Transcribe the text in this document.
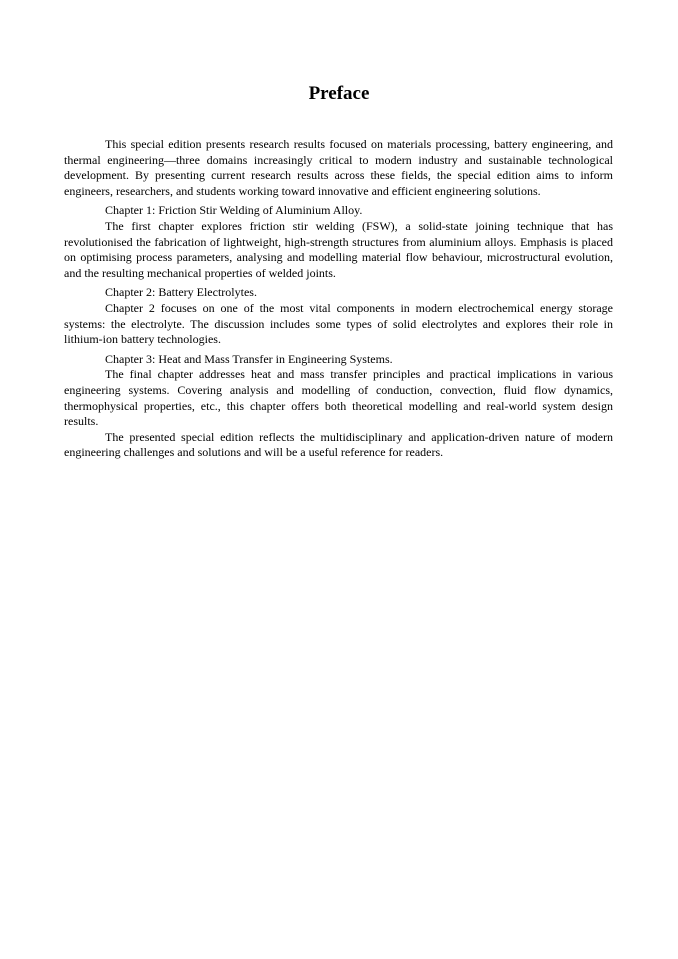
Preface

This special edition presents research results focused on materials processing, battery engineering, and thermal engineering—three domains increasingly critical to modern industry and sustainable technological development. By presenting current research results across these fields, the special edition aims to inform engineers, researchers, and students working toward innovative and efficient engineering solutions.

Chapter 1: Friction Stir Welding of Aluminium Alloy.

The first chapter explores friction stir welding (FSW), a solid-state joining technique that has revolutionised the fabrication of lightweight, high-strength structures from aluminium alloys. Emphasis is placed on optimising process parameters, analysing and modelling material flow behaviour, microstructural evolution, and the resulting mechanical properties of welded joints.

Chapter 2: Battery Electrolytes.

Chapter 2 focuses on one of the most vital components in modern electrochemical energy storage systems: the electrolyte. The discussion includes some types of solid electrolytes and explores their role in lithium-ion battery technologies.

Chapter 3: Heat and Mass Transfer in Engineering Systems.

The final chapter addresses heat and mass transfer principles and practical implications in various engineering systems. Covering analysis and modelling of conduction, convection, fluid flow dynamics, thermophysical properties, etc., this chapter offers both theoretical modelling and real-world system design results.

The presented special edition reflects the multidisciplinary and application-driven nature of modern engineering challenges and solutions and will be a useful reference for readers.
